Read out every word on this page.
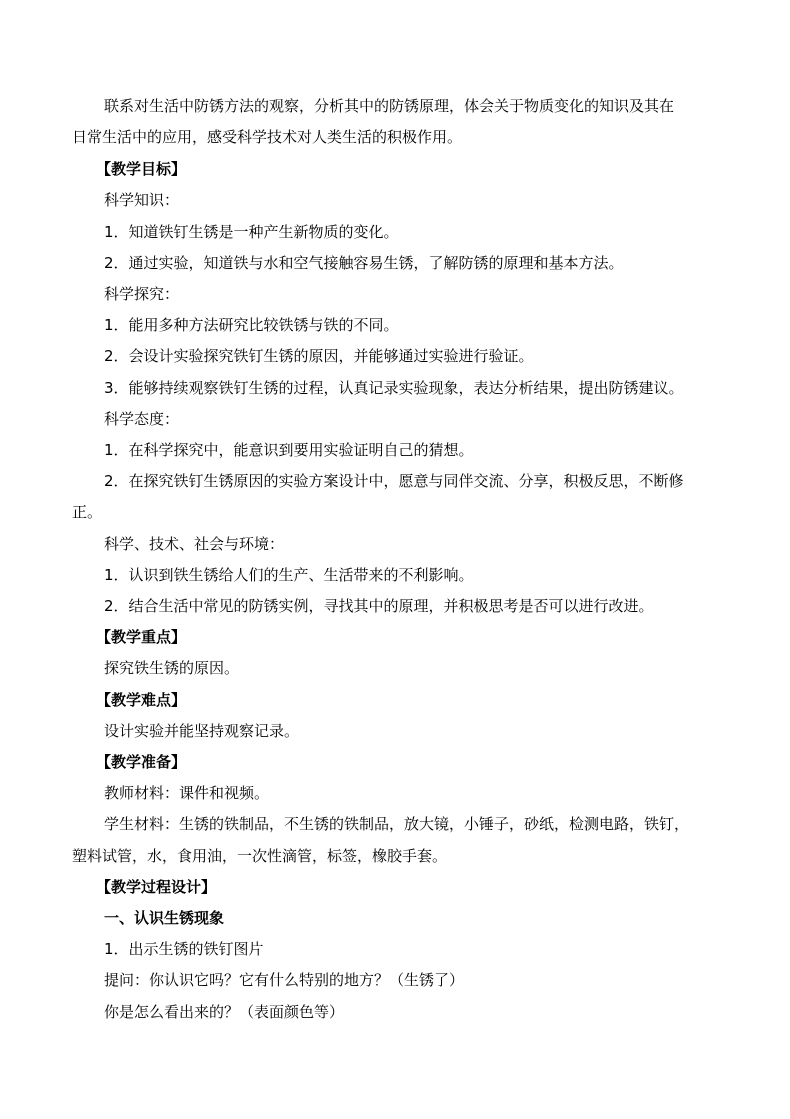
联系对生活中防锈方法的观察，分析其中的防锈原理，体会关于物质变化的知识及其在
日常生活中的应用，感受科学技术对人类生活的积极作用。
【教学目标】
科学知识：
1．知道铁钉生锈是一种产生新物质的变化。
2．通过实验，知道铁与水和空气接触容易生锈，了解防锈的原理和基本方法。
科学探究：
1．能用多种方法研究比较铁锈与铁的不同。
2．会设计实验探究铁钉生锈的原因，并能够通过实验进行验证。
3．能够持续观察铁钉生锈的过程，认真记录实验现象，表达分析结果，提出防锈建议。
科学态度：
1．在科学探究中，能意识到要用实验证明自己的猜想。
2．在探究铁钉生锈原因的实验方案设计中，愿意与同伴交流、分享，积极反思，不断修
正。
科学、技术、社会与环境：
1．认识到铁生锈给人们的生产、生活带来的不利影响。
2．结合生活中常见的防锈实例，寻找其中的原理，并积极思考是否可以进行改进。
【教学重点】
探究铁生锈的原因。
【教学难点】
设计实验并能坚持观察记录。
【教学准备】
教师材料：课件和视频。
学生材料：生锈的铁制品，不生锈的铁制品，放大镜，小锤子，砂纸，检测电路，铁钉，
塑料试管，水，食用油，一次性滴管，标签，橡胶手套。
【教学过程设计】
一、认识生锈现象
1．出示生锈的铁钉图片
提问：你认识它吗？它有什么特别的地方？（生锈了）
你是怎么看出来的？（表面颜色等）
